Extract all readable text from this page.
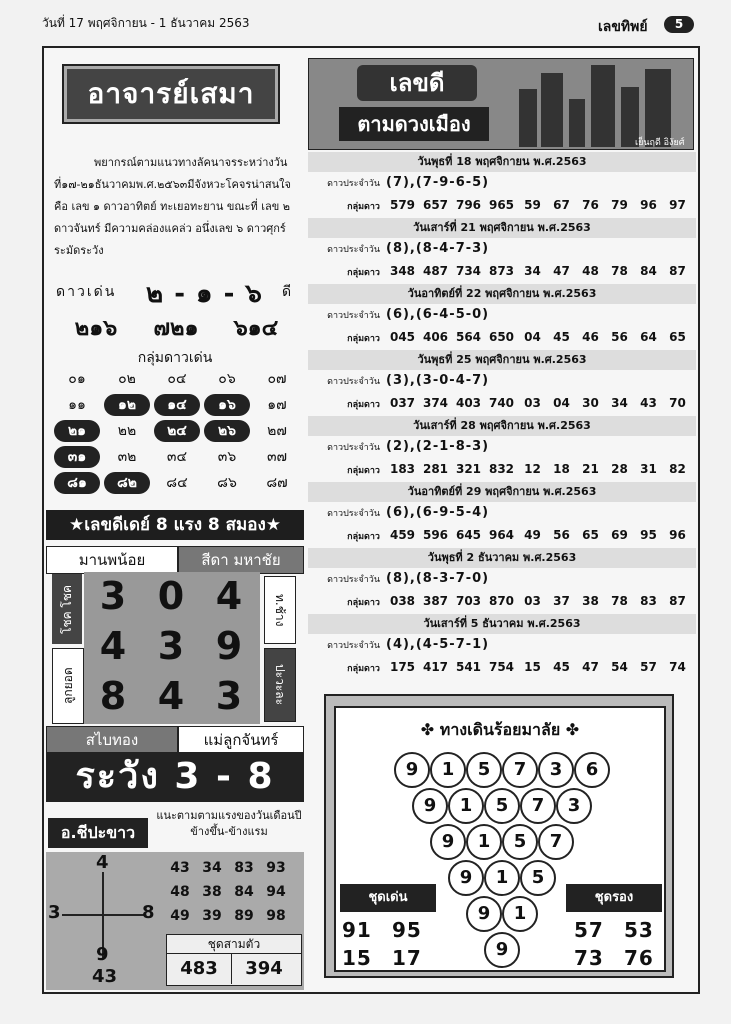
วันที่ 17 พฤศจิกายน - 1 ธันวาคม 2563	เลขทิพย์	5
อาจารย์เสมา

พยากรณ์ตามแนวทางลัคนาจรระหว่างวันที่๑๗-๒๑ธันวาคมพ.ศ.๒๕๖๓มีจังหวะโคจรน่าสนใจ คือ เลข ๑ ดาวอาทิตย์ ทะเยอทะยาน ขณะที่ เลข ๒ ดาวจันทร์ มีความคล่องแคล่ว อนึ่งเลข ๖ ดาวศุกร์ ระมัดระวัง

ดาวเด่น ๒ - ๑ - ๖ ดี
๒๑๖ ๗๒๑ ๖๑๔
กลุ่มดาวเด่น
๐๑ ๐๒ ๐๔ ๐๖ ๐๗
๑๑ ๑๒ ๑๔ ๑๖ ๑๗
๒๑ ๒๒ ๒๔ ๒๖ ๒๗
๓๑ ๓๒ ๓๔ ๓๖ ๓๗
๘๑ ๘๒ ๘๔ ๘๖ ๘๗
★เลขดีเดย์ 8 แรง 8 สมอง★
มานพน้อย	สีดา มหาชัย
โชค โชค
ลูกยอด
ท.ช้าง
ปะวะละ
3 0 4
4 3 9
8 4 3
สไบทอง	แม่ลูกจันทร์
ระวัง 3 - 8
อ.ชีปะขาว
แนะตามตามแรงของวันเดือนปีข้างขึ้น-ข้างแรม
4
3	8
9
43
43 34 83 93
48 38 84 94
49 39 89 98
ชุดสามตัว
483 394
เลขดี
ตามดวงเมือง
เย็นฤดี อิงัยศ์
วันพุธที่ 18 พฤศจิกายน พ.ศ.2563
ดาวประจำวัน (7),(7-9-6-5)
กลุ่มดาว 579 657 796 965 59 67 76 79 96 97
วันเสาร์ที่ 21 พฤศจิกายน พ.ศ.2563
ดาวประจำวัน (8),(8-4-7-3)
กลุ่มดาว 348 487 734 873 34 47 48 78 84 87
วันอาทิตย์ที่ 22 พฤศจิกายน พ.ศ.2563
ดาวประจำวัน (6),(6-4-5-0)
กลุ่มดาว 045 406 564 650 04 45 46 56 64 65
วันพุธที่ 25 พฤศจิกายน พ.ศ.2563
ดาวประจำวัน (3),(3-0-4-7)
กลุ่มดาว 037 374 403 740 03 04 30 34 43 70
วันเสาร์ที่ 28 พฤศจิกายน พ.ศ.2563
ดาวประจำวัน (2),(2-1-8-3)
กลุ่มดาว 183 281 321 832 12 18 21 28 31 82
วันอาทิตย์ที่ 29 พฤศจิกายน พ.ศ.2563
ดาวประจำวัน (6),(6-9-5-4)
กลุ่มดาว 459 596 645 964 49 56 65 69 95 96
วันพุธที่ 2 ธันวาคม พ.ศ.2563
ดาวประจำวัน (8),(8-3-7-0)
กลุ่มดาว 038 387 703 870 03 37 38 78 83 87
วันเสาร์ที่ 5 ธันวาคม พ.ศ.2563
ดาวประจำวัน (4),(4-5-7-1)
กลุ่มดาว 175 417 541 754 15 45 47 54 57 74
✤ ทางเดินร้อยมาลัย ✤
ชุดเด่น	ชุดรอง
91 95
15 17
57 53
73 76
9	1	5	7	3	6
9	1	5	7	3
9	1	5	7
9	1	5
9	1
9
